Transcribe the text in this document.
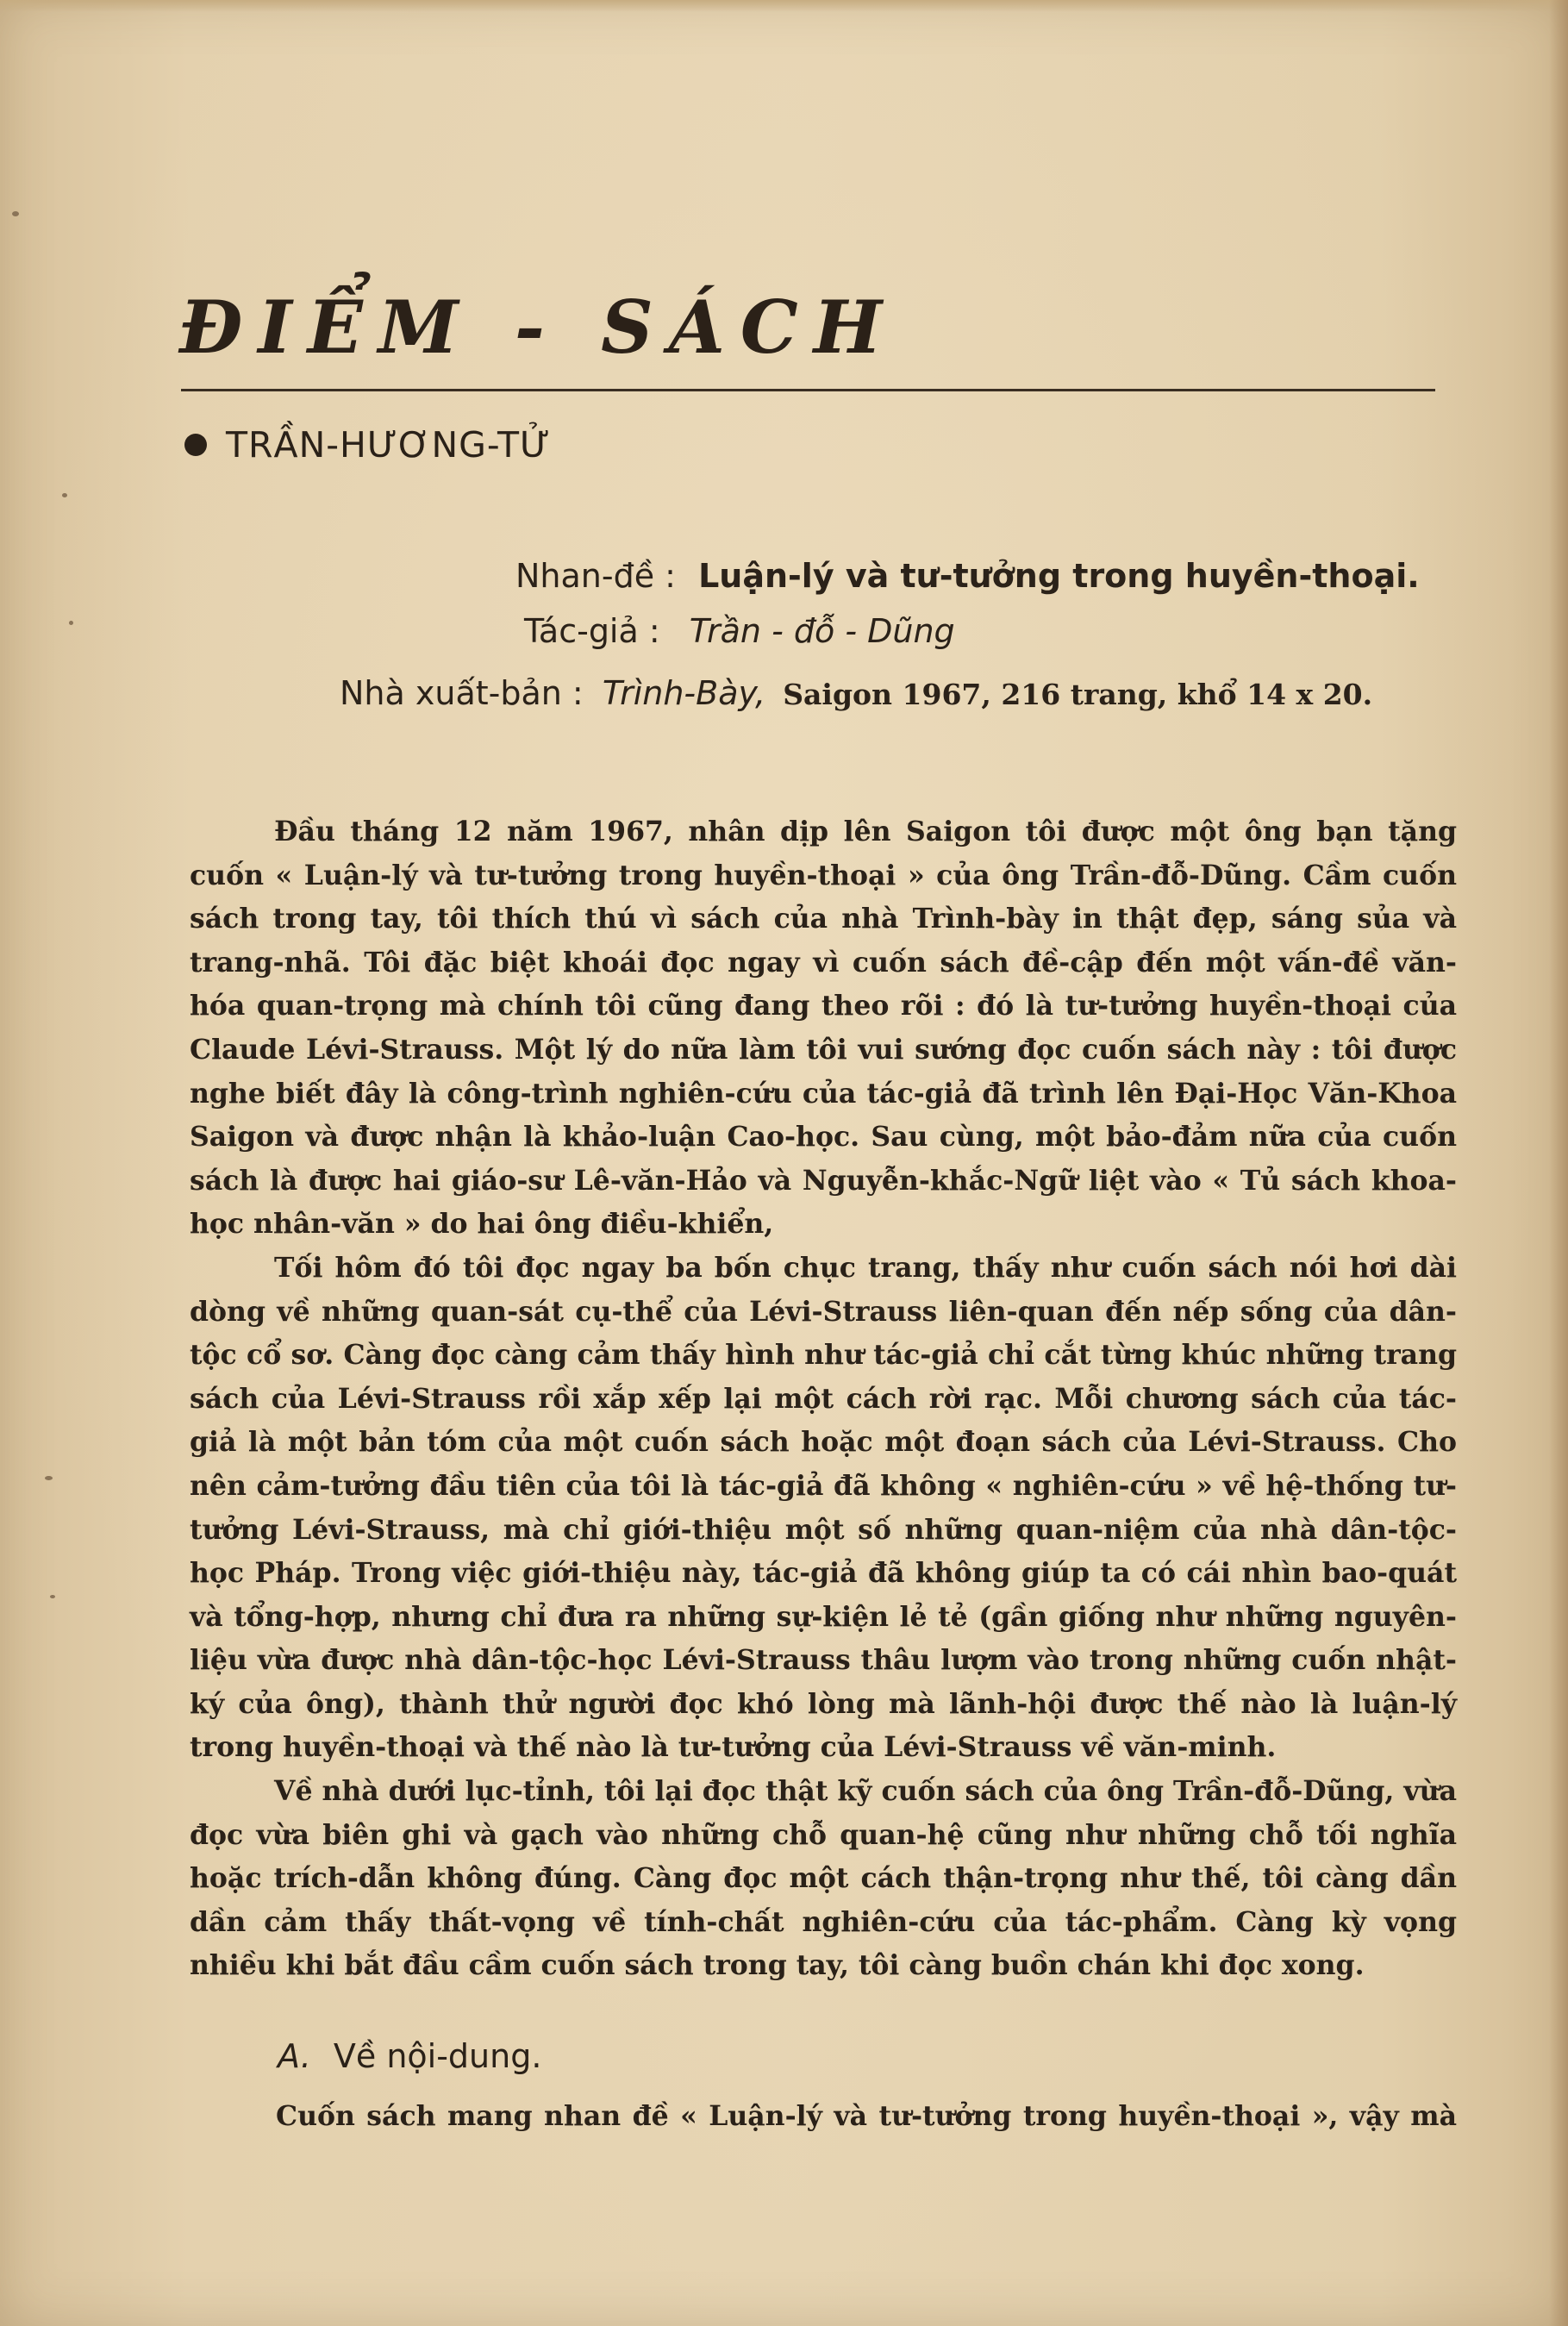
ĐIỂM - SÁCH
TRẦN-HƯƠNG-TỬ
Nhan-đề : Luận-lý và tư-tưởng trong huyền-thoại.
Tác-giả : Trần - đỗ - Dũng
Nhà xuất-bản : Trình-Bày, Saigon 1967, 216 trang, khổ 14 x 20.

Đầu tháng 12 năm 1967, nhân dịp lên Saigon tôi được một ông bạn tặng cuốn « Luận-lý và tư-tưởng trong huyền-thoại » của ông Trần-đỗ-Dũng. Cầm cuốn sách trong tay, tôi thích thú vì sách của nhà Trình-bày in thật đẹp, sáng sủa và trang-nhã. Tôi đặc biệt khoái đọc ngay vì cuốn sách đề-cập đến một vấn-đề văn-hóa quan-trọng mà chính tôi cũng đang theo rõi : đó là tư-tưởng huyền-thoại của Claude Lévi-Strauss. Một lý do nữa làm tôi vui sướng đọc cuốn sách này : tôi được nghe biết đây là công-trình nghiên-cứu của tác-giả đã trình lên Đại-Học Văn-Khoa Saigon và được nhận là khảo-luận Cao-học. Sau cùng, một bảo-đảm nữa của cuốn sách là được hai giáo-sư Lê-văn-Hảo và Nguyễn-khắc-Ngữ liệt vào « Tủ sách khoa-học nhân-văn » do hai ông điều-khiển,

Tối hôm đó tôi đọc ngay ba bốn chục trang, thấy như cuốn sách nói hơi dài dòng về những quan-sát cụ-thể của Lévi-Strauss liên-quan đến nếp sống của dân-tộc cổ sơ. Càng đọc càng cảm thấy hình như tác-giả chỉ cắt từng khúc những trang sách của Lévi-Strauss rồi xắp xếp lại một cách rời rạc. Mỗi chương sách của tác-giả là một bản tóm của một cuốn sách hoặc một đoạn sách của Lévi-Strauss. Cho nên cảm-tưởng đầu tiên của tôi là tác-giả đã không « nghiên-cứu » về hệ-thống tư-tưởng Lévi-Strauss, mà chỉ giới-thiệu một số những quan-niệm của nhà dân-tộc-học Pháp. Trong việc giới-thiệu này, tác-giả đã không giúp ta có cái nhìn bao-quát và tổng-hợp, nhưng chỉ đưa ra những sự-kiện lẻ tẻ (gần giống như những nguyên-liệu vừa được nhà dân-tộc-học Lévi-Strauss thâu lượm vào trong những cuốn nhật-ký của ông), thành thử người đọc khó lòng mà lãnh-hội được thế nào là luận-lý trong huyền-thoại và thế nào là tư-tưởng của Lévi-Strauss về văn-minh.

Về nhà dưới lục-tỉnh, tôi lại đọc thật kỹ cuốn sách của ông Trần-đỗ-Dũng, vừa đọc vừa biên ghi và gạch vào những chỗ quan-hệ cũng như những chỗ tối nghĩa hoặc trích-dẫn không đúng. Càng đọc một cách thận-trọng như thế, tôi càng dần dần cảm thấy thất-vọng về tính-chất nghiên-cứu của tác-phẩm. Càng kỳ vọng nhiều khi bắt đầu cầm cuốn sách trong tay, tôi càng buồn chán khi đọc xong.

A. Về nội-dung.
Cuốn sách mang nhan đề « Luận-lý và tư-tưởng trong huyền-thoại », vậy mà
